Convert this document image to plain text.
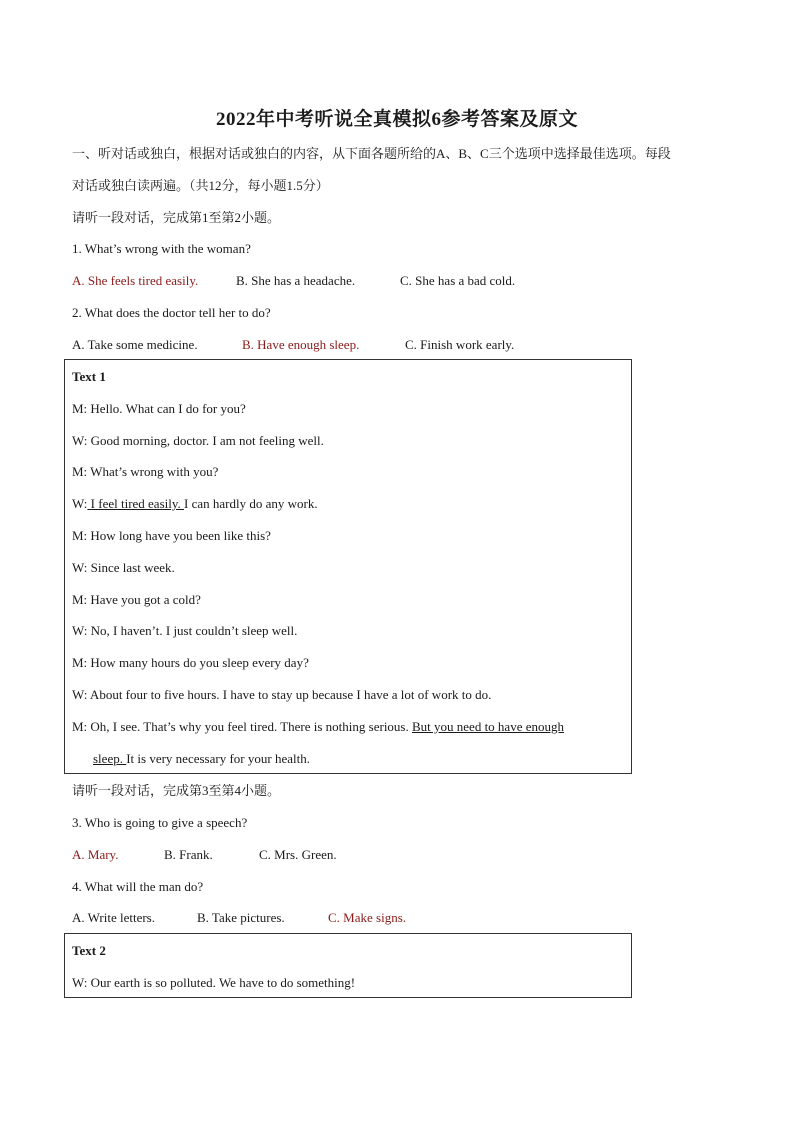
2022年中考听说全真模拟6参考答案及原文
一、听对话或独白，根据对话或独白的内容，从下面各题所给的A、B、C三个选项中选择最佳选项。每段
对话或独白读两遍。（共12分，每小题1.5分）
请听一段对话，完成第1至第2小题。
1. What’s wrong with the woman?
A. She feels tired easily.	B. She has a headache.	C. She has a bad cold.
2. What does the doctor tell her to do?
A. Take some medicine.	B. Have enough sleep.	C. Finish work early.
Text 1
M: Hello. What can I do for you?
W: Good morning, doctor. I am not feeling well.
M: What’s wrong with you?
W: I feel tired easily. I can hardly do any work.
M: How long have you been like this?
W: Since last week.
M: Have you got a cold?
W: No, I haven’t. I just couldn’t sleep well.
M: How many hours do you sleep every day?
W: About four to five hours. I have to stay up because I have a lot of work to do.
M: Oh, I see. That’s why you feel tired. There is nothing serious. But you need to have enough
sleep. It is very necessary for your health.
请听一段对话，完成第3至第4小题。
3. Who is going to give a speech?
A. Mary.	B. Frank.	C. Mrs. Green.
4. What will the man do?
A. Write letters.	B. Take pictures.	C. Make signs.
Text 2
W: Our earth is so polluted. We have to do something!
